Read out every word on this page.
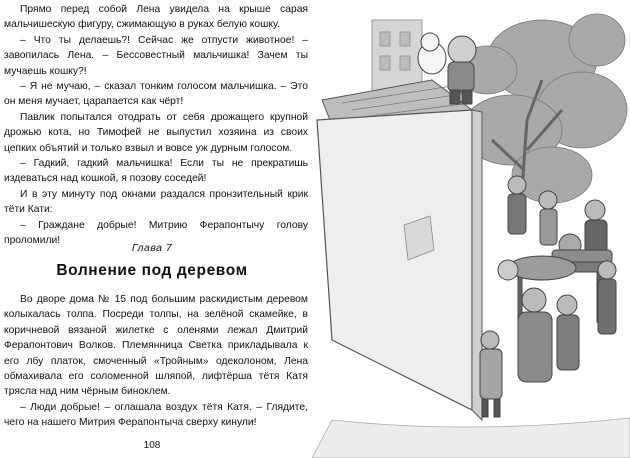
Прямо перед собой Лена увидела на крыше сарая мальчишескую фигуру, сжимающую в руках белую кошку.

– Что ты делаешь?! Сейчас же отпусти животное! – завопилась Лена. – Бессовестный мальчишка! Зачем ты мучаешь кошку?!

– Я не мучаю, – сказал тонким голосом мальчишка. – Это он меня мучает, царапается как чёрт!

Павлик попытался отодрать от себя дрожащего крупной дрожью кота, но Тимофей не выпустил хозяина из своих цепких объятий и только взвыл и вовсе уж дурным голосом.

– Гадкий, гадкий мальчишка! Если ты не прекратишь издеваться над кошкой, я позову соседей!

И в эту минуту под окнами раздался пронзительный крик тёти Кати:

– Граждане добрые! Митрию Ферапонтычу голову проломили!

Глава 7
Волнение под деревом

Во дворе дома № 15 под большим раскидистым деревом колыхалась толпа. Посреди толпы, на зелёной скамейке, в коричневой вязаной жилетке с оленями лежал Дмитрий Ферапонтович Волков. Племянница Светка прикладывала к его лбу платок, смоченный «Тройным» одеколоном, Лена обмахивала его соломенной шляпой, лифтёрша тётя Катя трясла над ним чёрным биноклем.

– Люди добрые! – оглашала воздух тётя Катя. – Глядите, чего на нашего Митрия Ферапонтыча сверху кинули!

108
